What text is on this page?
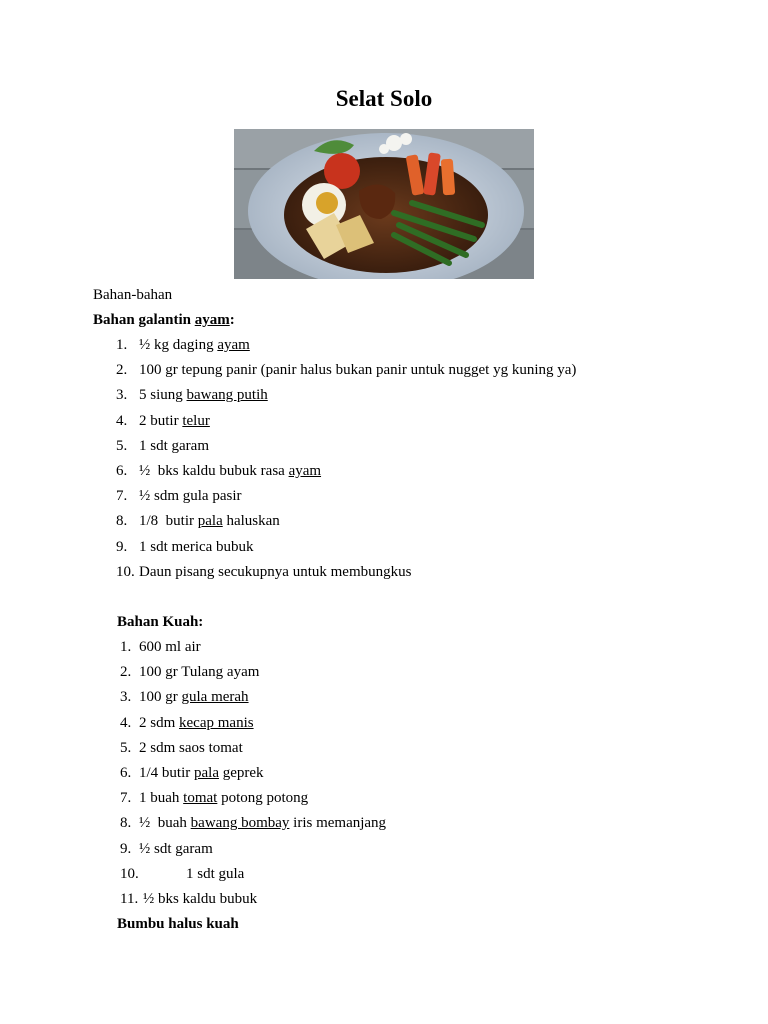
Selat Solo
Bahan-bahan
Bahan galantin ayam:
1. ½ kg daging ayam
2. 100 gr tepung panir (panir halus bukan panir untuk nugget yg kuning ya)
3. 5 siung bawang putih
4. 2 butir telur
5. 1 sdt garam
6. ½  bks kaldu bubuk rasa ayam
7. ½ sdm gula pasir
8. 1/8  butir pala haluskan
9. 1 sdt merica bubuk
10. Daun pisang secukupnya untuk membungkus
Bahan Kuah:
1. 600 ml air
2. 100 gr Tulang ayam
3. 100 gr gula merah
4. 2 sdm kecap manis
5. 2 sdm saos tomat
6. 1/4 butir pala geprek
7. 1 buah tomat potong potong
8. ½  buah bawang bombay iris memanjang
9. ½ sdt garam
10.	1 sdt gula
11. ½ bks kaldu bubuk
Bumbu halus kuah
